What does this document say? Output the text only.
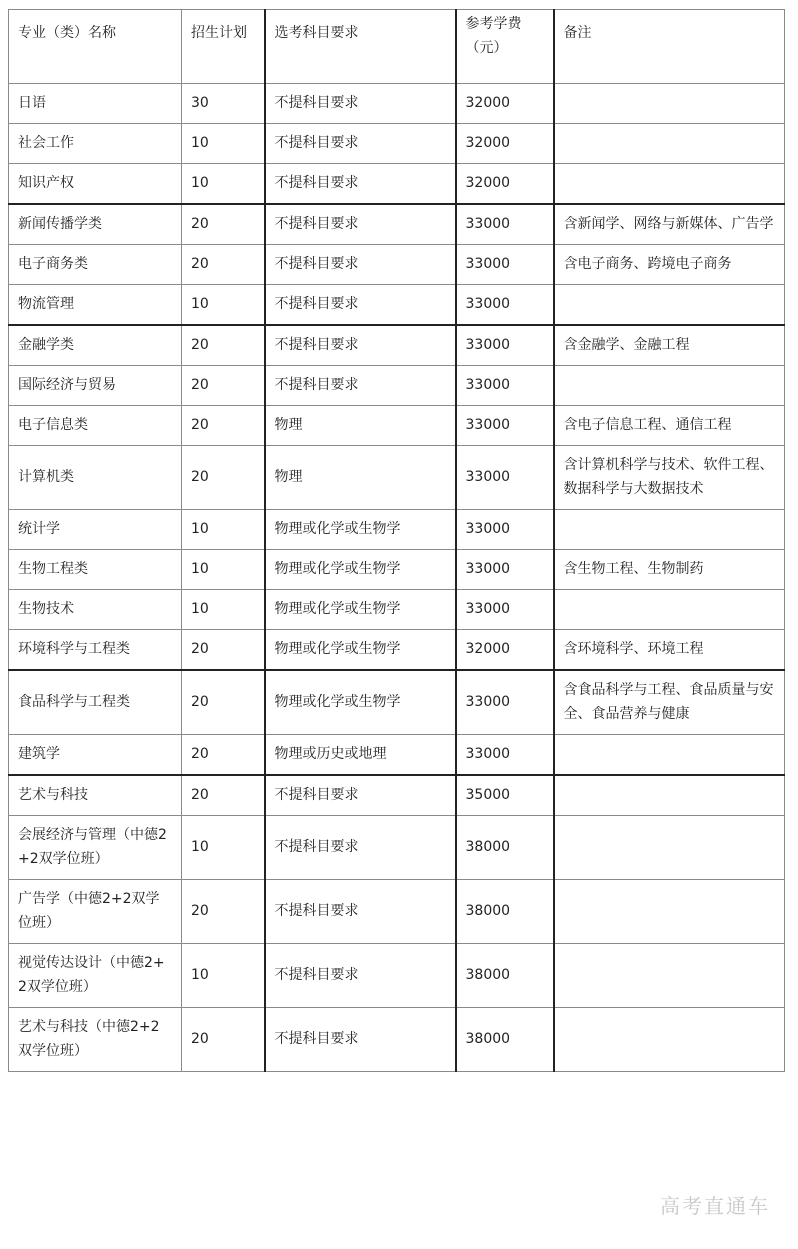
专业（类）名称	招生计划	选考科目要求	参考学费（元）	备注
日语	30	不提科目要求	32000	
社会工作	10	不提科目要求	32000	
知识产权	10	不提科目要求	32000	
新闻传播学类	20	不提科目要求	33000	含新闻学、网络与新媒体、广告学
电子商务类	20	不提科目要求	33000	含电子商务、跨境电子商务
物流管理	10	不提科目要求	33000	
金融学类	20	不提科目要求	33000	含金融学、金融工程
国际经济与贸易	20	不提科目要求	33000	
电子信息类	20	物理	33000	含电子信息工程、通信工程
计算机类	20	物理	33000	含计算机科学与技术、软件工程、数据科学与大数据技术
统计学	10	物理或化学或生物学	33000	
生物工程类	10	物理或化学或生物学	33000	含生物工程、生物制药
生物技术	10	物理或化学或生物学	33000	
环境科学与工程类	20	物理或化学或生物学	32000	含环境科学、环境工程
食品科学与工程类	20	物理或化学或生物学	33000	含食品科学与工程、食品质量与安全、食品营养与健康
建筑学	20	物理或历史或地理	33000	
艺术与科技	20	不提科目要求	35000	
会展经济与管理（中德2+2双学位班）	10	不提科目要求	38000	
广告学（中德2+2双学位班）	20	不提科目要求	38000	
视觉传达设计（中德2+2双学位班）	10	不提科目要求	38000	
艺术与科技（中德2+2双学位班）	20	不提科目要求	38000	
高考直通车
